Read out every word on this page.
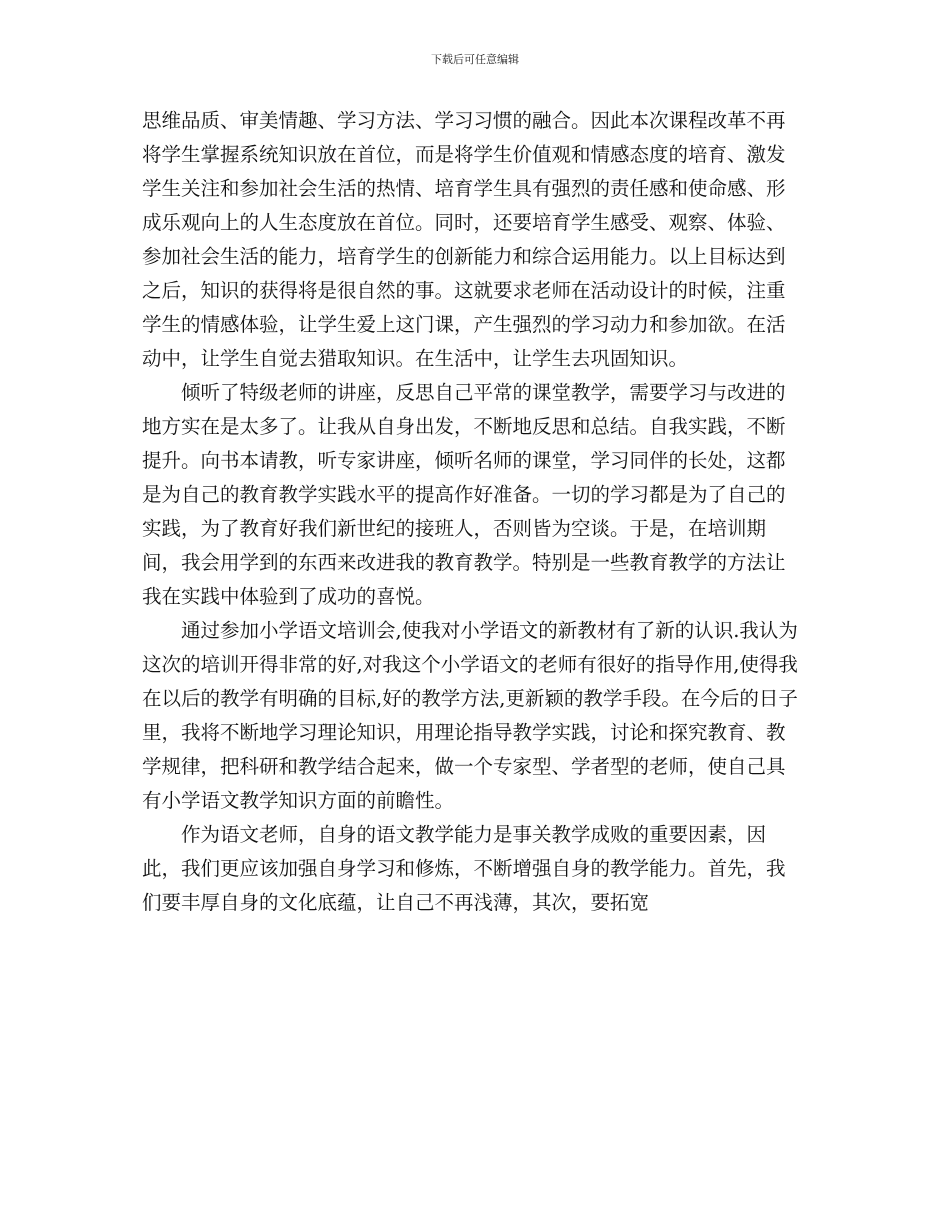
下载后可任意编辑

思维品质、审美情趣、学习方法、学习习惯的融合。因此本次课程改革不再将学生掌握系统知识放在首位，而是将学生价值观和情感态度的培育、激发学生关注和参加社会生活的热情、培育学生具有强烈的责任感和使命感、形成乐观向上的人生态度放在首位。同时，还要培育学生感受、观察、体验、参加社会生活的能力，培育学生的创新能力和综合运用能力。以上目标达到之后，知识的获得将是很自然的事。这就要求老师在活动设计的时候，注重学生的情感体验，让学生爱上这门课，产生强烈的学习动力和参加欲。在活动中，让学生自觉去猎取知识。在生活中，让学生去巩固知识。

倾听了特级老师的讲座，反思自己平常的课堂教学，需要学习与改进的地方实在是太多了。让我从自身出发，不断地反思和总结。自我实践，不断提升。向书本请教，听专家讲座，倾听名师的课堂，学习同伴的长处，这都是为自己的教育教学实践水平的提高作好准备。一切的学习都是为了自己的实践，为了教育好我们新世纪的接班人，否则皆为空谈。于是，在培训期间，我会用学到的东西来改进我的教育教学。特别是一些教育教学的方法让我在实践中体验到了成功的喜悦。

通过参加小学语文培训会,使我对小学语文的新教材有了新的认识.我认为这次的培训开得非常的好,对我这个小学语文的老师有很好的指导作用,使得我在以后的教学有明确的目标,好的教学方法,更新颖的教学手段。在今后的日子里，我将不断地学习理论知识，用理论指导教学实践，讨论和探究教育、教学规律，把科研和教学结合起来，做一个专家型、学者型的老师，使自己具有小学语文教学知识方面的前瞻性。

作为语文老师，自身的语文教学能力是事关教学成败的重要因素，因此，我们更应该加强自身学习和修炼，不断增强自身的教学能力。首先，我们要丰厚自身的文化底蕴，让自己不再浅薄，其次，要拓宽
